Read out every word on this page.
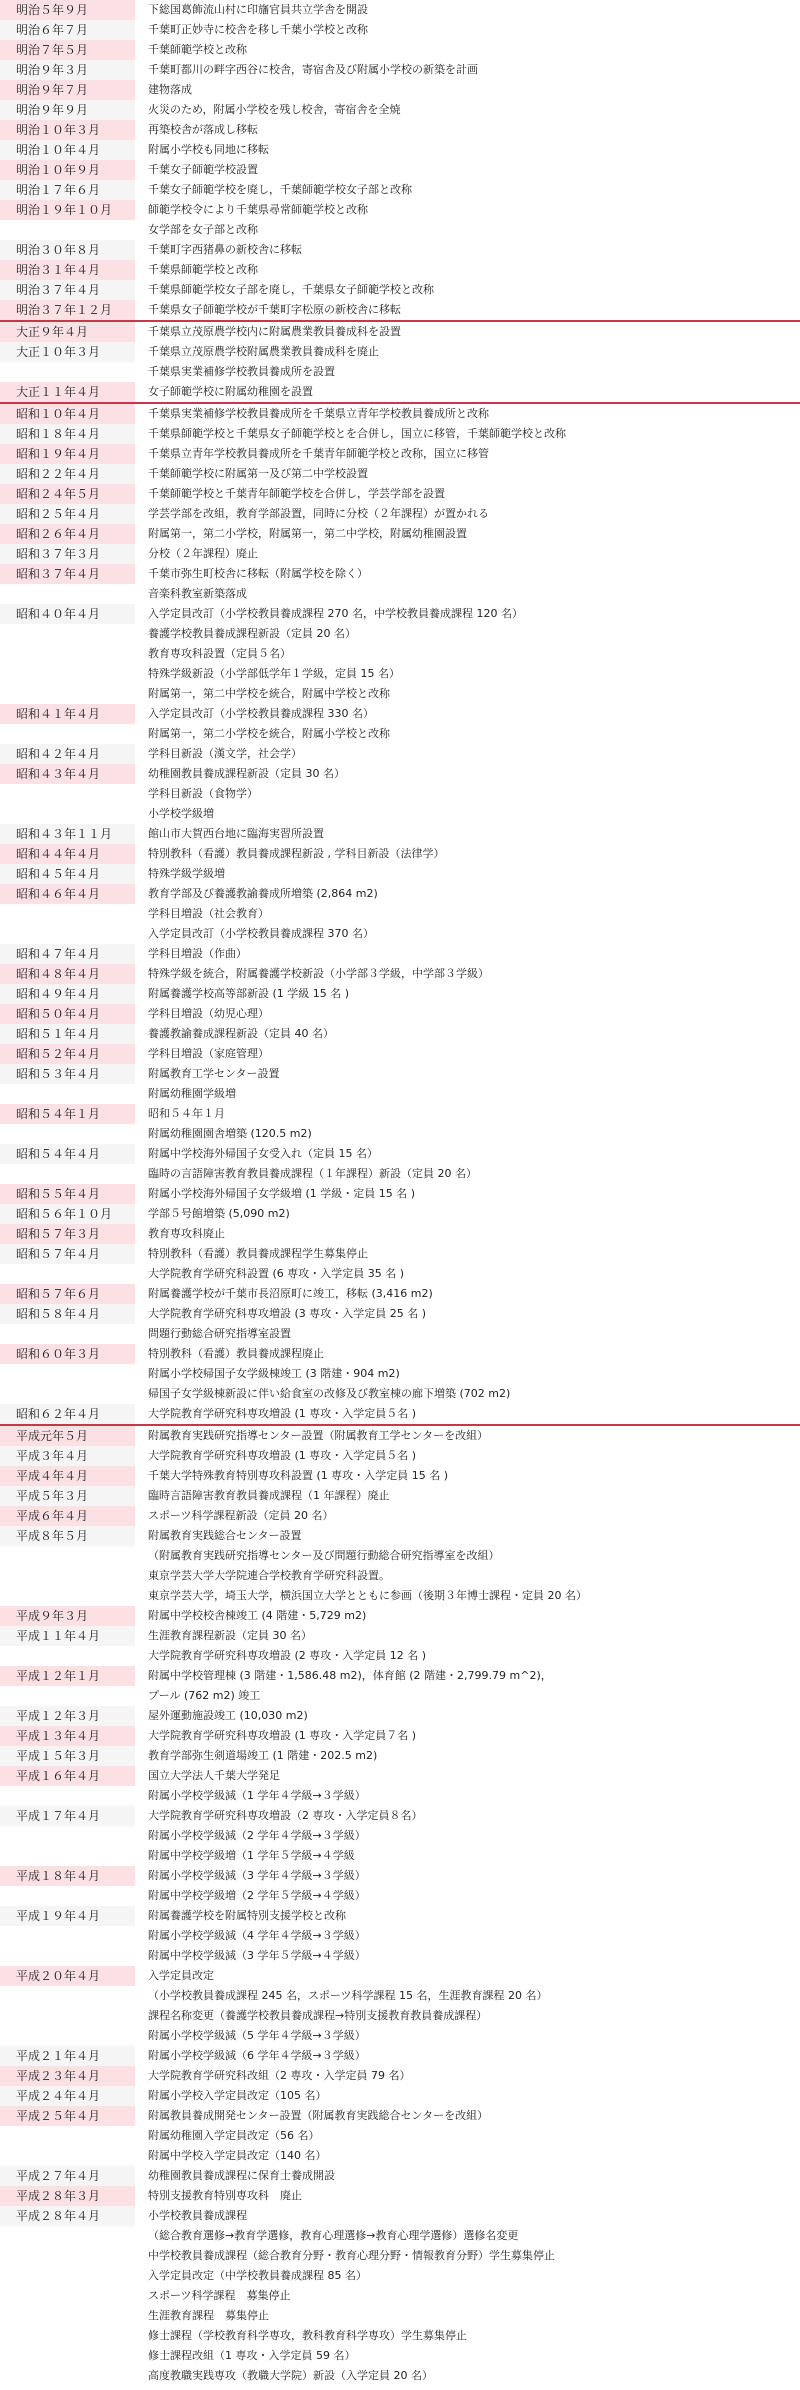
明治５年９月	下総国葛飾流山村に印旛官員共立学舎を開設
明治６年７月	千葉町正妙寺に校舎を移し千葉小学校と改称
明治７年５月	千葉師範学校と改称
明治９年３月	千葉町都川の畔字西谷に校舎，寄宿舎及び附属小学校の新築を計画
明治９年７月	建物落成
明治９年９月	火災のため，附属小学校を残し校舎，寄宿舎を全焼
明治１０年３月	再築校舎が落成し移転
明治１０年４月	附属小学校も同地に移転
明治１０年９月	千葉女子師範学校設置
明治１７年６月	千葉女子師範学校を廃し，千葉師範学校女子部と改称
明治１９年１０月	師範学校令により千葉県尋常師範学校と改称
女学部を女子部と改称
明治３０年８月	千葉町字西猪鼻の新校舎に移転
明治３１年４月	千葉県師範学校と改称
明治３７年４月	千葉県師範学校女子部を廃し，千葉県女子師範学校と改称
明治３７年１２月	千葉県女子師範学校が千葉町字松原の新校舎に移転
大正９年４月	千葉県立茂原農学校内に附属農業教員養成科を設置
大正１０年３月	千葉県立茂原農学校附属農業教員養成科を廃止
千葉県実業補修学校教員養成所を設置
大正１１年４月	女子師範学校に附属幼稚園を設置
昭和１０年４月	千葉県実業補修学校教員養成所を千葉県立青年学校教員養成所と改称
昭和１８年４月	千葉県師範学校と千葉県女子師範学校とを合併し，国立に移管，千葉師範学校と改称
昭和１９年４月	千葉県立青年学校教員養成所を千葉青年師範学校と改称，国立に移管
昭和２２年４月	千葉師範学校に附属第一及び第二中学校設置
昭和２４年５月	千葉師範学校と千葉青年師範学校を合併し，学芸学部を設置
昭和２５年４月	学芸学部を改組，教育学部設置，同時に分校（２年課程）が置かれる
昭和２６年４月	附属第一，第二小学校，附属第一，第二中学校，附属幼稚園設置
昭和３７年３月	分校（２年課程）廃止
昭和３７年４月	千葉市弥生町校舎に移転（附属学校を除く）
音楽科教室新築落成
昭和４０年４月	入学定員改訂（小学校教員養成課程 270 名，中学校教員養成課程 120 名）
養護学校教員養成課程新設（定員 20 名）
教育専攻科設置（定員５名）
特殊学級新設（小学部低学年１学級，定員 15 名）
附属第一，第二中学校を統合，附属中学校と改称
昭和４１年４月	入学定員改訂（小学校教員養成課程 330 名）
附属第一，第二小学校を統合，附属小学校と改称
昭和４２年４月	学科目新設（漢文学，社会学）
昭和４３年４月	幼稚園教員養成課程新設（定員 30 名）
学科目新設（食物学）
小学校学級増
昭和４３年１１月	館山市大賀西台地に臨海実習所設置
昭和４４年４月	特別教科（看護）教員養成課程新設 , 学科目新設（法律学）
昭和４５年４月	特殊学級学級増
昭和４６年４月	教育学部及び養護教諭養成所増築 (2,864 m2)
学科目増設（社会教育）
入学定員改訂（小学校教員養成課程 370 名）
昭和４７年４月	学科目増設（作曲）
昭和４８年４月	特殊学級を統合，附属養護学校新設（小学部３学級，中学部３学級）
昭和４９年４月	附属養護学校高等部新設 (1 学級 15 名 )
昭和５０年４月	学科目増設（幼児心理）
昭和５１年４月	養護教諭養成課程新設（定員 40 名）
昭和５２年４月	学科目増設（家庭管理）
昭和５３年４月	附属教育工学センター設置
附属幼稚園学級増
昭和５４年１月	昭和５４年１月
附属幼稚園園舎増築 (120.5 m2)
昭和５４年４月	附属中学校海外帰国子女受入れ（定員 15 名）
臨時の言語障害教育教員養成課程（１年課程）新設（定員 20 名）
昭和５５年４月	附属小学校海外帰国子女学級増 (1 学級・定員 15 名 )
昭和５６年１０月	学部５号館増築 (5,090 m2)
昭和５７年３月	教育専攻科廃止
昭和５７年４月	特別教科（看護）教員養成課程学生募集停止
大学院教育学研究科設置 (6 専攻・入学定員 35 名 )
昭和５７年６月	附属養護学校が千葉市長沼原町に竣工，移転 (3,416 m2)
昭和５８年４月	大学院教育学研究科専攻増設 (3 専攻・入学定員 25 名 )
問題行動総合研究指導室設置
昭和６０年３月	特別教科（看護）教員養成課程廃止
附属小学校帰国子女学級棟竣工 (3 階建・904 m2)
帰国子女学級棟新設に伴い給食室の改修及び教室棟の廊下増築 (702 m2)
昭和６２年４月	大学院教育学研究科専攻増設 (1 専攻・入学定員５名 )
平成元年５月	附属教育実践研究指導センター設置（附属教育工学センターを改組）
平成３年４月	大学院教育学研究科専攻増設 (1 専攻・入学定員５名 )
平成４年４月	千葉大学特殊教育特別専攻科設置 (1 専攻・入学定員 15 名 )
平成５年３月	臨時言語障害教育教員養成課程（1 年課程）廃止
平成６年４月	スポーツ科学課程新設（定員 20 名）
平成８年５月	附属教育実践総合センター設置
（附属教育実践研究指導センター及び問題行動総合研究指導室を改組）
東京学芸大学大学院連合学校教育学研究科設置。
東京学芸大学，埼玉大学，横浜国立大学とともに参画（後期３年博士課程・定員 20 名）
平成９年３月	附属中学校校舎棟竣工 (4 階建・5,729 m2)
平成１１年４月	生涯教育課程新設（定員 30 名）
大学院教育学研究科専攻増設 (2 専攻・入学定員 12 名 )
平成１２年１月	附属中学校管理棟 (3 階建・1,586.48 m2)，体育館 (2 階建・2,799.79 m^2)，
プール (762 m2) 竣工
平成１２年３月	屋外運動施設竣工 (10,030 m2)
平成１３年４月	大学院教育学研究科専攻増設 (1 専攻・入学定員７名 )
平成１５年３月	教育学部弥生剣道場竣工 (1 階建・202.5 m2)
平成１６年４月	国立大学法人千葉大学発足
附属小学校学級減（1 学年４学級→３学級）
平成１７年４月	大学院教育学研究科専攻増設（2 専攻・入学定員８名）
附属小学校学級減（2 学年４学級→３学級）
附属中学校学級増（1 学年５学級→４学級
平成１８年４月	附属小学校学級減（3 学年４学級→３学級）
附属中学校学級増（2 学年５学級→４学級）
平成１９年４月	附属養護学校を附属特別支援学校と改称
附属小学校学級減（4 学年４学級→３学級）
附属中学校学級減（3 学年５学級→４学級）
平成２０年４月	入学定員改定
（小学校教員養成課程 245 名，スポーツ科学課程 15 名，生涯教育課程 20 名）
課程名称変更（養護学校教員養成課程→特別支援教育教員養成課程）
附属小学校学級減（5 学年４学級→３学級）
平成２１年４月	附属小学校学級減（6 学年４学級→３学級）
平成２３年４月	大学院教育学研究科改組（2 専攻・入学定員 79 名）
平成２４年４月	附属小学校入学定員改定（105 名）
平成２５年４月	附属教員養成開発センター設置（附属教育実践総合センターを改組）
附属幼稚園入学定員改定（56 名）
附属中学校入学定員改定（140 名）
平成２７年４月	幼稚園教員養成課程に保育士養成開設
平成２８年３月	特別支援教育特別専攻科　廃止
平成２８年４月	小学校教員養成課程
（総合教育選修→教育学選修，教育心理選修→教育心理学選修）選修名変更
中学校教員養成課程（総合教育分野・教育心理分野・情報教育分野）学生募集停止
入学定員改定（中学校教員養成課程 85 名）
スポーツ科学課程　募集停止
生涯教育課程　募集停止
修士課程（学校教育科学専攻，教科教育科学専攻）学生募集停止
修士課程改組（1 専攻・入学定員 59 名）
高度教職実践専攻（教職大学院）新設（入学定員 20 名）
